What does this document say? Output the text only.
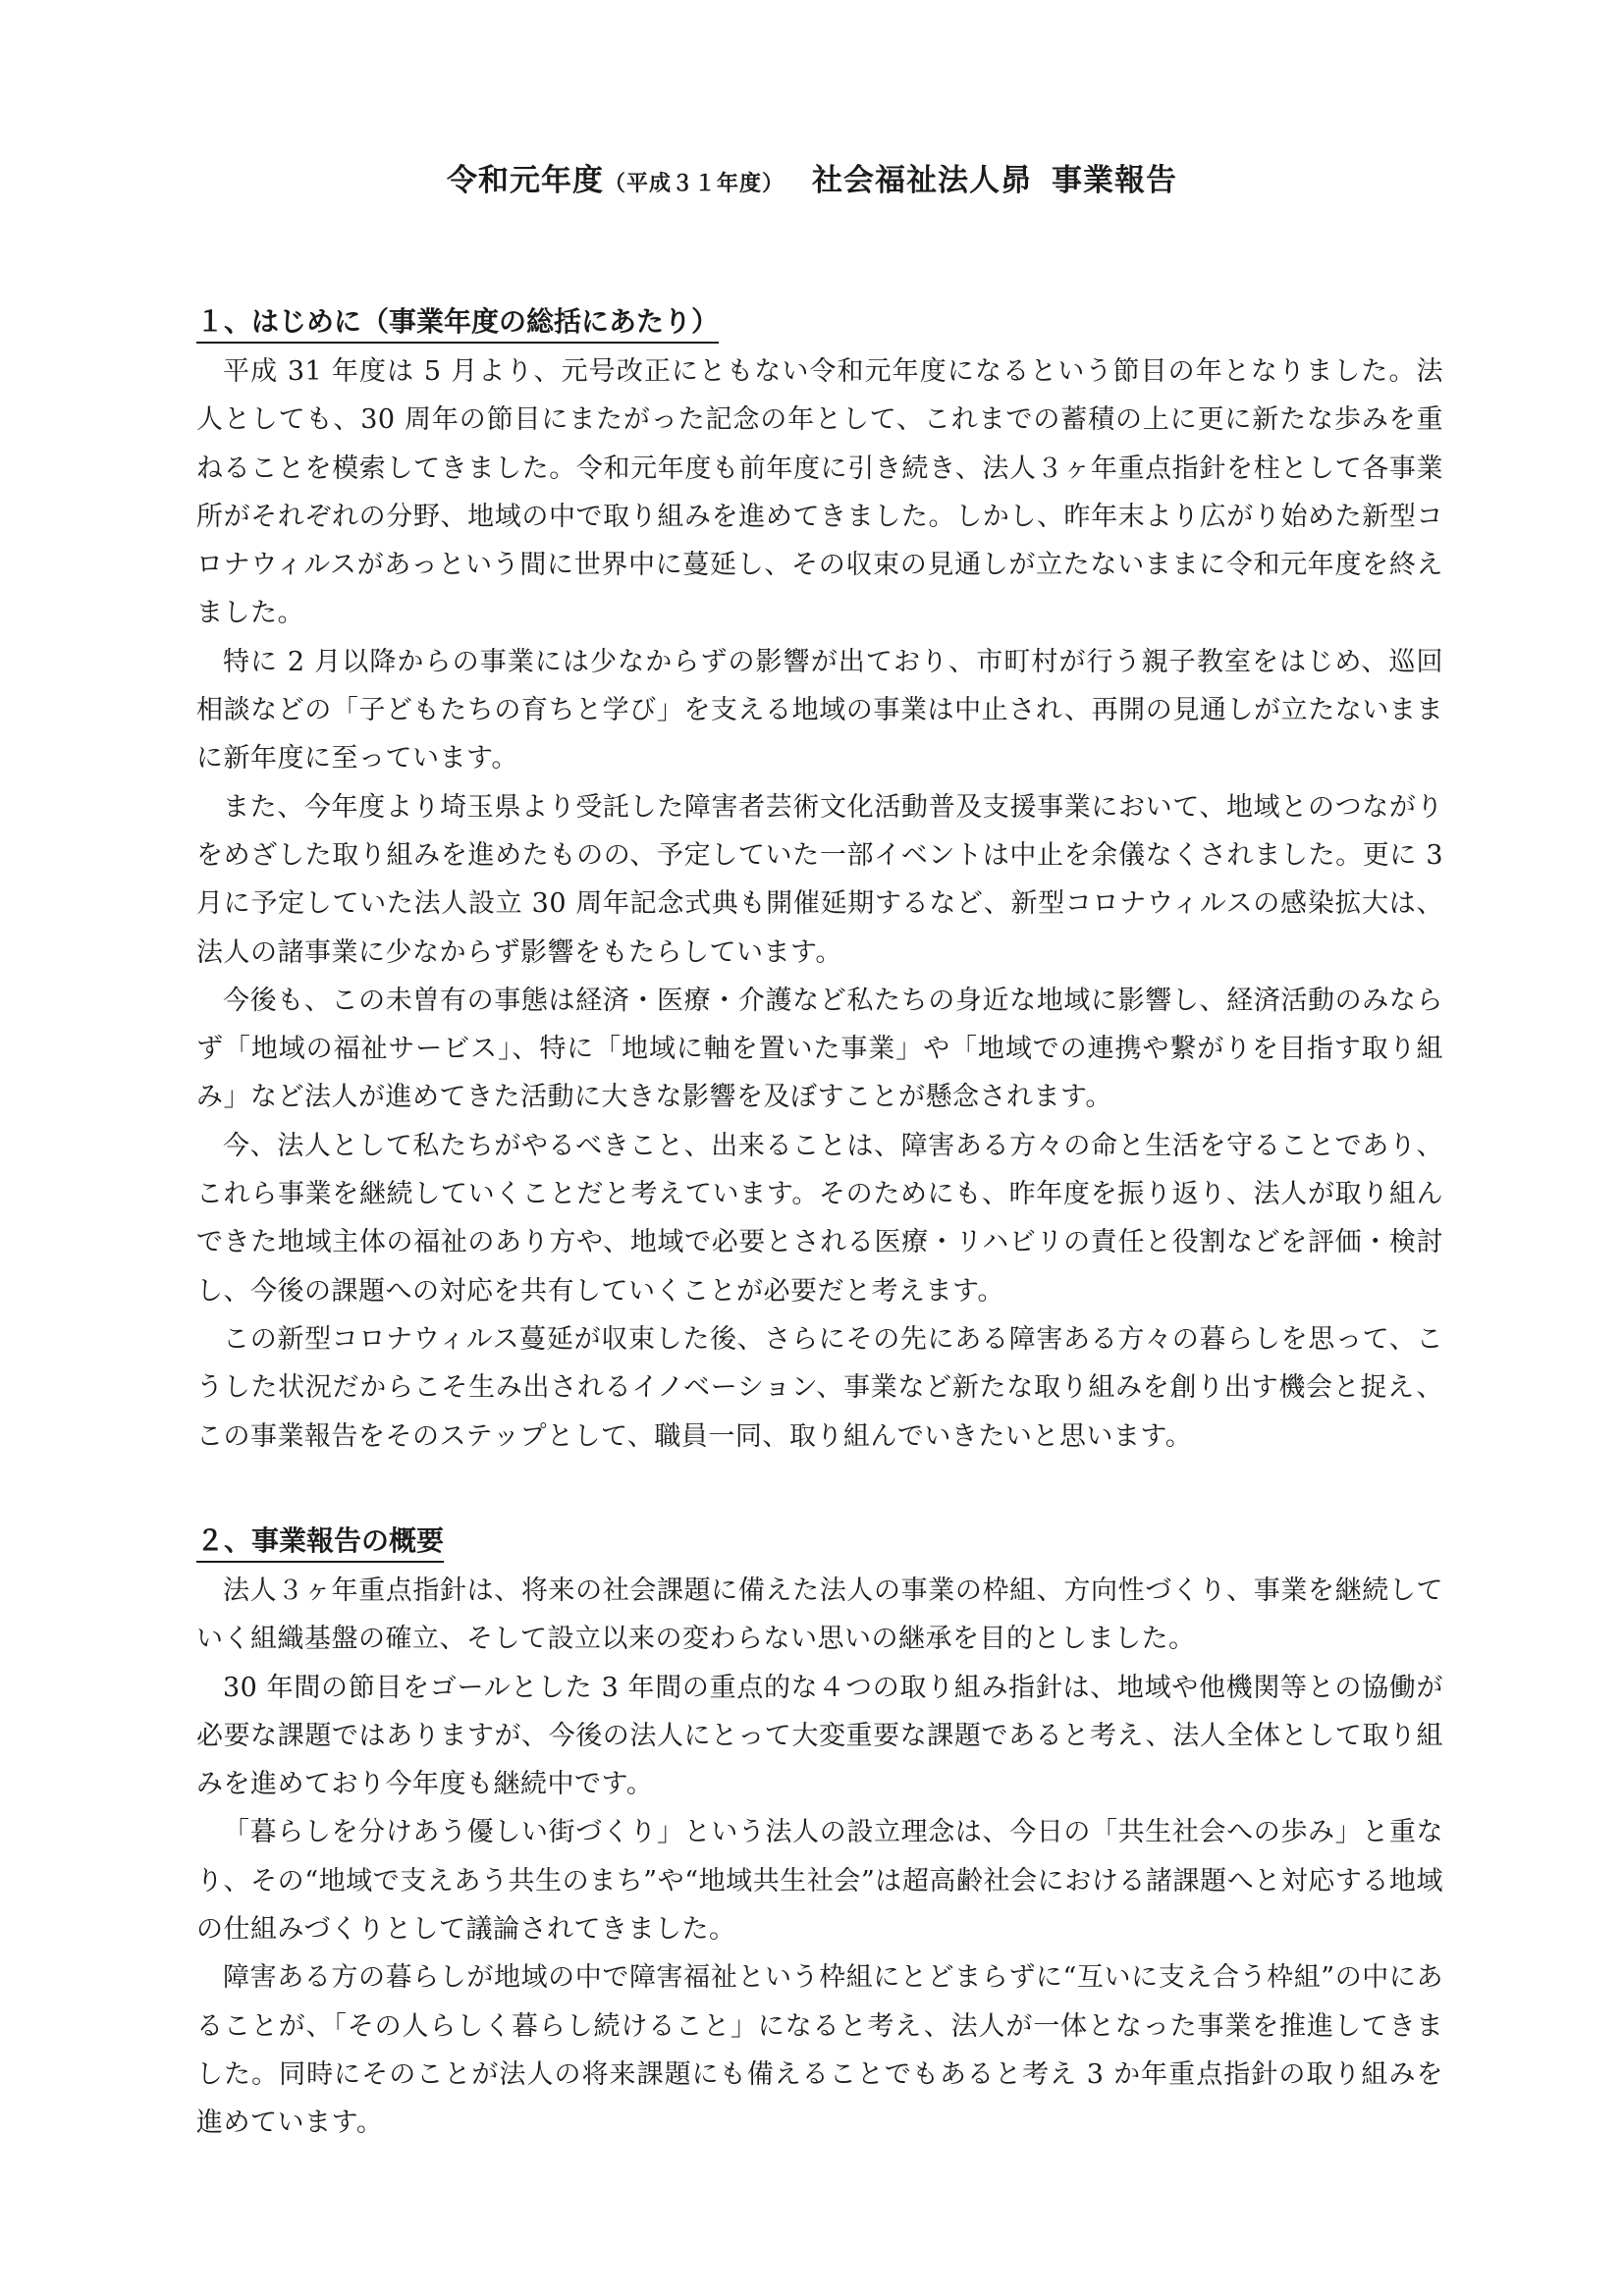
令和元年度（平成３１年度） 社会福祉法人昴 事業報告
１、はじめに（事業年度の総括にあたり）

平成 31 年度は 5 月より、元号改正にともない令和元年度になるという節目の年となりました。法人としても、30 周年の節目にまたがった記念の年として、これまでの蓄積の上に更に新たな歩みを重ねることを模索してきました。令和元年度も前年度に引き続き、法人３ヶ年重点指針を柱として各事業所がそれぞれの分野、地域の中で取り組みを進めてきました。しかし、昨年末より広がり始めた新型コロナウィルスがあっという間に世界中に蔓延し、その収束の見通しが立たないままに令和元年度を終えました。

特に 2 月以降からの事業には少なからずの影響が出ており、市町村が行う親子教室をはじめ、巡回相談などの「子どもたちの育ちと学び」を支える地域の事業は中止され、再開の見通しが立たないままに新年度に至っています。

また、今年度より埼玉県より受託した障害者芸術文化活動普及支援事業において、地域とのつながりをめざした取り組みを進めたものの、予定していた一部イベントは中止を余儀なくされました。更に 3 月に予定していた法人設立 30 周年記念式典も開催延期するなど、新型コロナウィルスの感染拡大は、法人の諸事業に少なからず影響をもたらしています。

今後も、この未曽有の事態は経済・医療・介護など私たちの身近な地域に影響し、経済活動のみならず「地域の福祉サービス」、特に「地域に軸を置いた事業」や「地域での連携や繋がりを目指す取り組み」など法人が進めてきた活動に大きな影響を及ぼすことが懸念されます。

今、法人として私たちがやるべきこと、出来ることは、障害ある方々の命と生活を守ることであり、これら事業を継続していくことだと考えています。そのためにも、昨年度を振り返り、法人が取り組んできた地域主体の福祉のあり方や、地域で必要とされる医療・リハビリの責任と役割などを評価・検討し、今後の課題への対応を共有していくことが必要だと考えます。

この新型コロナウィルス蔓延が収束した後、さらにその先にある障害ある方々の暮らしを思って、こうした状況だからこそ生み出されるイノベーション、事業など新たな取り組みを創り出す機会と捉え、この事業報告をそのステップとして、職員一同、取り組んでいきたいと思います。

２、事業報告の概要

法人３ヶ年重点指針は、将来の社会課題に備えた法人の事業の枠組、方向性づくり、事業を継続していく組織基盤の確立、そして設立以来の変わらない思いの継承を目的としました。

30 年間の節目をゴールとした 3 年間の重点的な４つの取り組み指針は、地域や他機関等との協働が必要な課題ではありますが、今後の法人にとって大変重要な課題であると考え、法人全体として取り組みを進めており今年度も継続中です。

「暮らしを分けあう優しい街づくり」という法人の設立理念は、今日の「共生社会への歩み」と重なり、その“地域で支えあう共生のまち”や“地域共生社会”は超高齢社会における諸課題へと対応する地域の仕組みづくりとして議論されてきました。

障害ある方の暮らしが地域の中で障害福祉という枠組にとどまらずに“互いに支え合う枠組”の中にあることが、「その人らしく暮らし続けること」になると考え、法人が一体となった事業を推進してきました。同時にそのことが法人の将来課題にも備えることでもあると考え 3 か年重点指針の取り組みを進めています。
